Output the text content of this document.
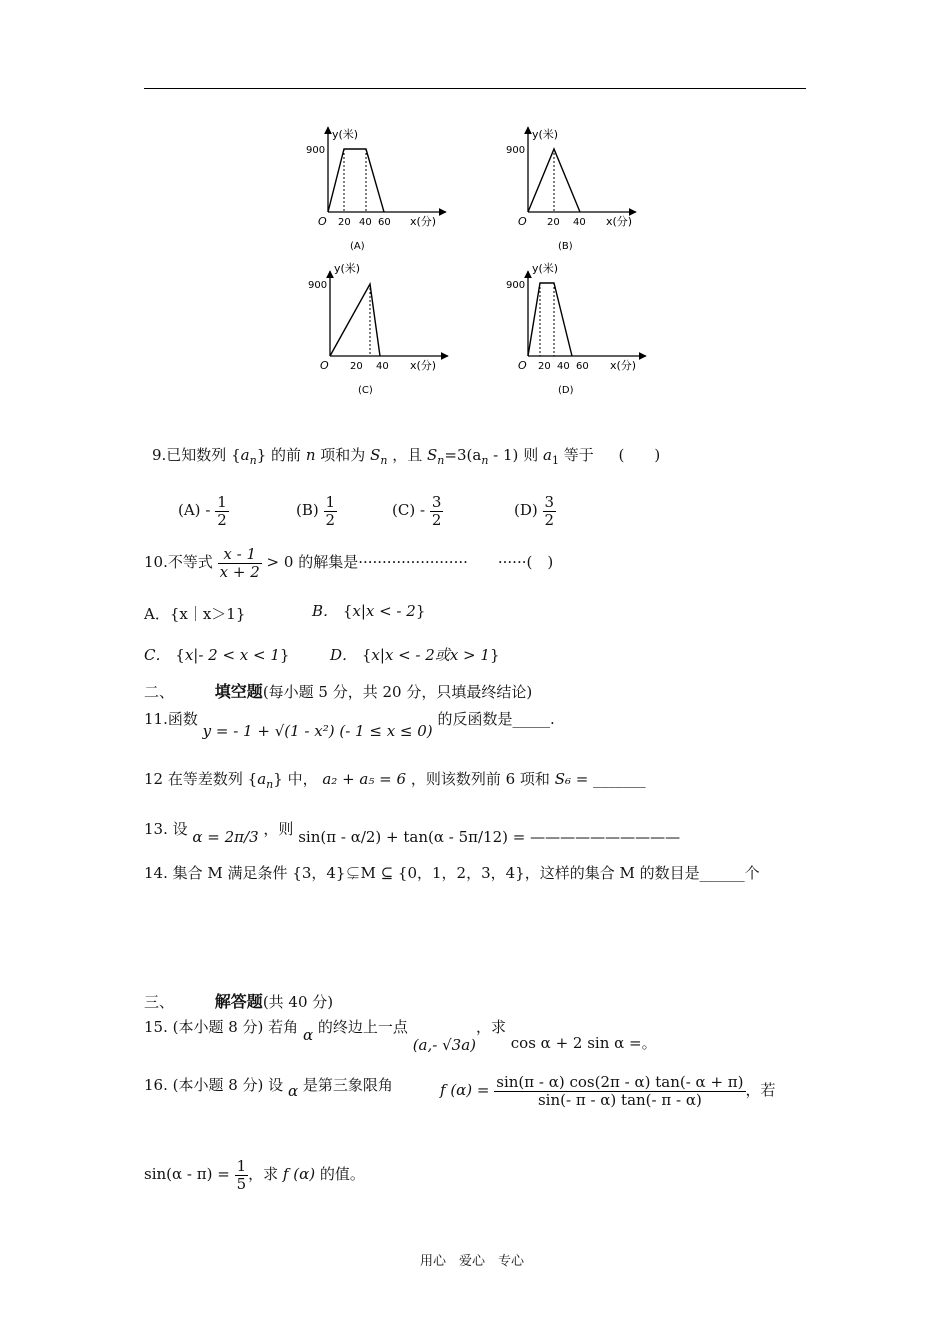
y(米)
900
O 20 40 60 x(分)
(A)
y(米)
900
O 20 40 x(分)
(B)
y(米)
900
O 20 40 x(分)
(C)
y(米)
900
O 20 40 60 x(分)
(D)
9.已知数列 $\{a_n\}$ 的前 n 项和为 $S_n$ ，且 $S_n=3(a_n - 1)$ 则 $a_1$ 等于 (　　)
$(A) - \frac{1}{2}$	$(B) \frac{1}{2}$	$(C) - \frac{3}{2}$	$(D) \frac{3}{2}$
10.不等式 $\frac{x - 1}{x + 2} > 0$ 的解集是·······················　　······(　)
A．{x｜x＞1}	B． {x|x < - 2}
C． {x|- 2 < x < 1}	D． {x|x < - 2或x > 1}
二、	填空题(每小题 5 分，共 20 分，只填最终结论)
11.函数 y = - 1 + √(1 - x²) (- 1 ≤ x ≤ 0) 的反函数是_____.
12 在等差数列 $\{a_n\}$ 中， a₂ + a₅ = 6 ，则该数列前 6 项和 S₆ = _______
13. 设 α = 2π/3 ，则 sin(π - α/2) + tan(α - 5π/12) = ——————————
14. 集合 M 满足条件 {3，4}⊊M ⊆ {0，1，2，3，4}，这样的集合 M 的数目是______个
三、	解答题(共 40 分)
15. (本小题 8 分) 若角 α 的终边上一点 (a,- √3a)，求 cos α + 2 sin α =。
16. (本小题 8 分) 设 α 是第三象限角	f $(\alpha) = \frac{\sin(\pi - \alpha) \cos(2\pi - \alpha) \tan(- \alpha + \pi)}{\sin(- \pi - \alpha) \tan(- \pi - \alpha)}$ ，若
$\sin(\alpha - \pi) = \frac{1}{5}$ ，求 f (α) 的值。
用心　爱心　专心
